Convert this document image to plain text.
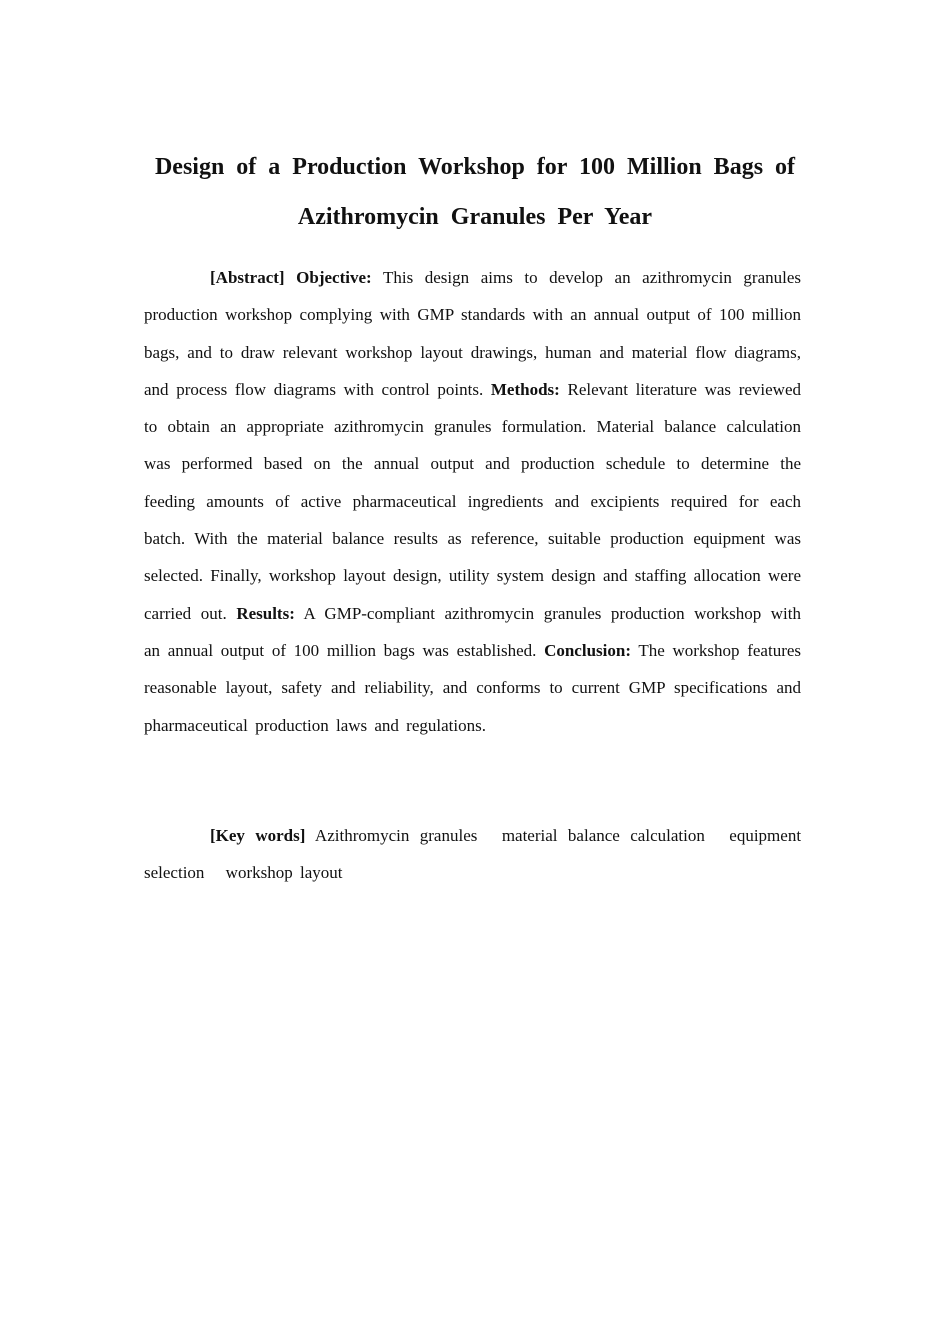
Design of a Production Workshop for 100 Million Bags of
Azithromycin Granules Per Year

[Abstract] Objective: This design aims to develop an azithromycin granules production workshop complying with GMP standards with an annual output of 100 million bags, and to draw relevant workshop layout drawings, human and material flow diagrams, and process flow diagrams with control points. Methods: Relevant literature was reviewed to obtain an appropriate azithromycin granules formulation. Material balance calculation was performed based on the annual output and production schedule to determine the feeding amounts of active pharmaceutical ingredients and excipients required for each batch. With the material balance results as reference, suitable production equipment was selected. Finally, workshop layout design, utility system design and staffing allocation were carried out. Results: A GMP-compliant azithromycin granules production workshop with an annual output of 100 million bags was established. Conclusion: The workshop features reasonable layout, safety and reliability, and conforms to current GMP specifications and pharmaceutical production laws and regulations.

[Key words] Azithromycin granules material balance calculation equipment selection workshop layout
